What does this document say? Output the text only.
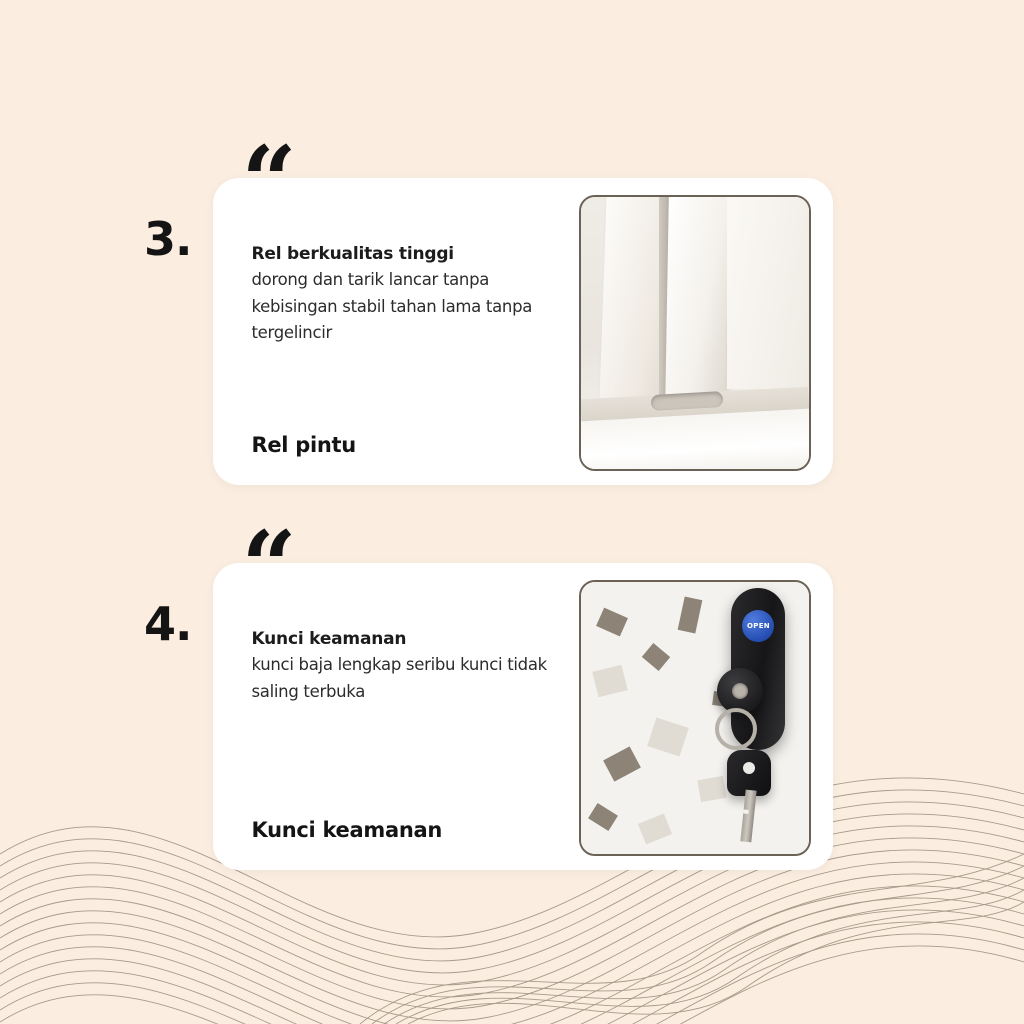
3.
“
Rel berkualitas tinggi
dorong dan tarik lancar tanpa kebisingan stabil tahan lama tanpa tergelincir
Rel pintu
4.
“
Kunci keamanan
kunci baja lengkap seribu kunci tidak saling terbuka
Kunci keamanan
OPEN
